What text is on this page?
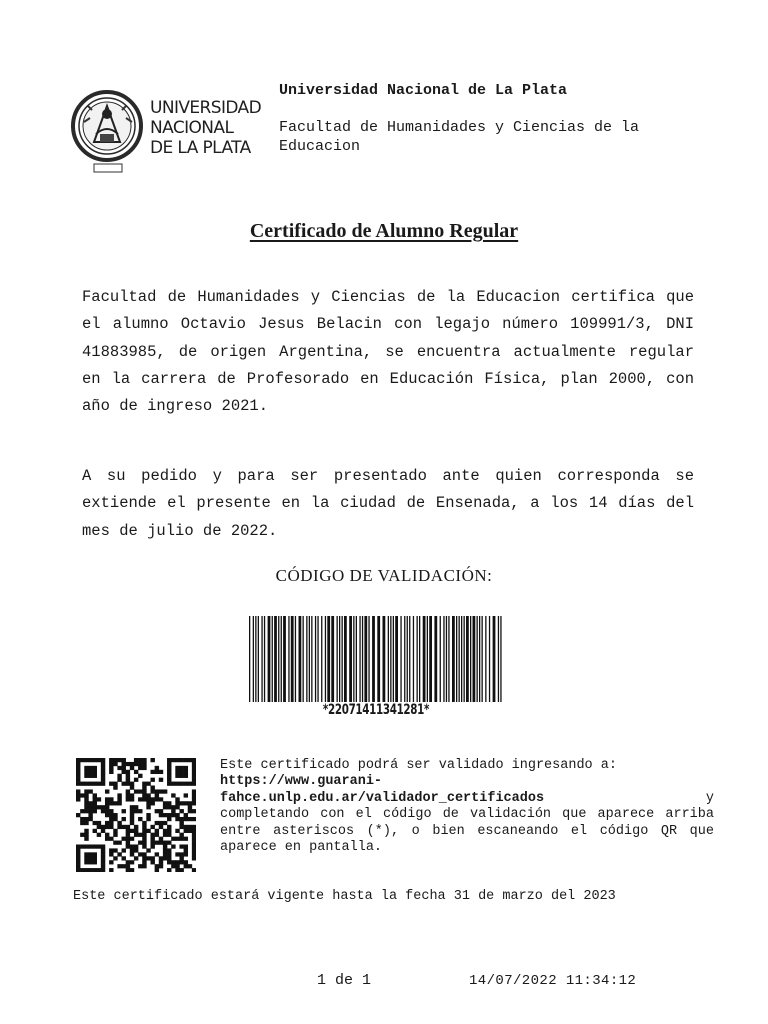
UNIVERSIDAD
NACIONAL
DE LA PLATA
Universidad Nacional de La Plata
Facultad de Humanidades y Ciencias de la Educacion
Certificado de Alumno Regular
Facultad de Humanidades y Ciencias de la Educacion certifica que el alumno Octavio Jesus Belacin con legajo número 109991/3, DNI 41883985, de origen Argentina, se encuentra actualmente regular en la carrera de Profesorado en Educación Física, plan 2000, con año de ingreso 2021.
A su pedido y para ser presentado ante quien corresponda se extiende el presente en la ciudad de Ensenada, a los 14 días del mes de julio de 2022.
CÓDIGO DE VALIDACIÓN:
*22071411341281*
Este certificado podrá ser validado ingresando a:
https://www.guarani-
fahce.unlp.edu.ar/validador_certificados	y
completando con el código de validación que aparece arriba entre asteriscos (*), o bien escaneando el código QR que aparece en pantalla.
Este certificado estará vigente hasta la fecha 31 de marzo del 2023
1 de 1	14/07/2022 11:34:12
